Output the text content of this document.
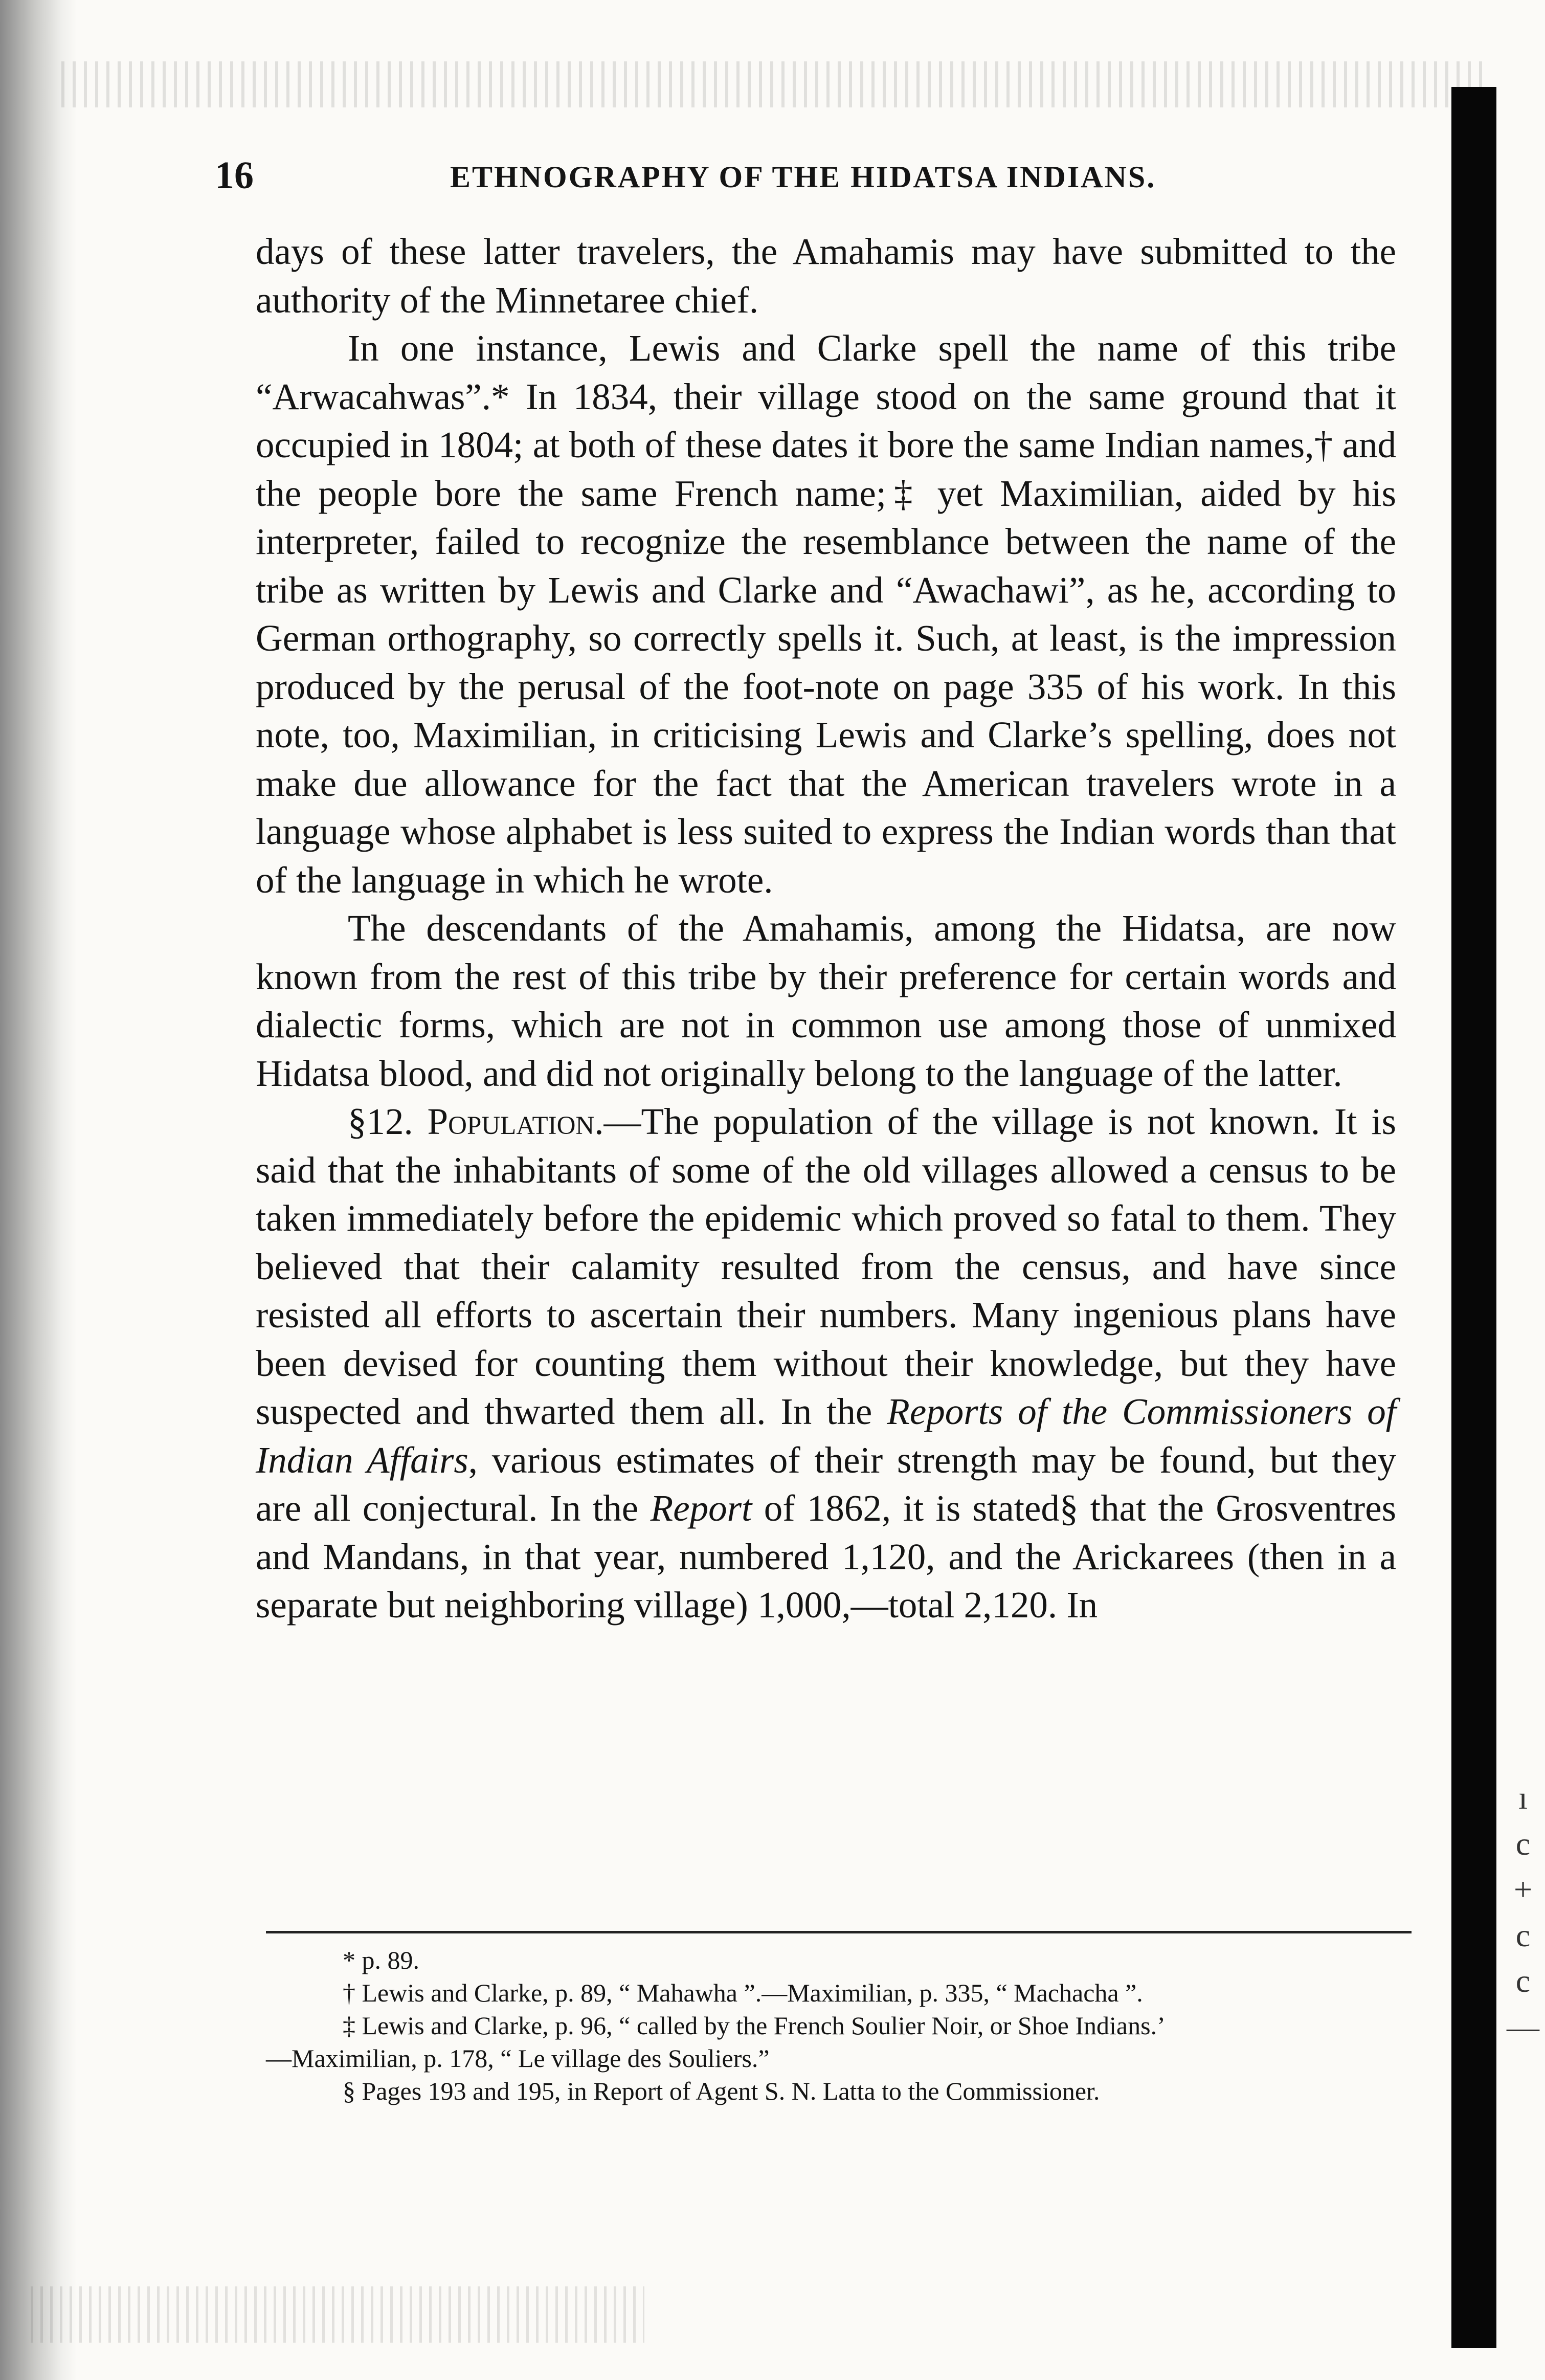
ı
c
+
c
c
—
16	ETHNOGRAPHY OF THE HIDATSA INDIANS.

days of these latter travelers, the Amahamis may have submitted to the authority of the Minnetaree chief.

In one instance, Lewis and Clarke spell the name of this tribe “Arwacahwas”.* In 1834, their village stood on the same ground that it occupied in 1804; at both of these dates it bore the same Indian names,† and the people bore the same French name;‡ yet Maximilian, aided by his interpreter, failed to recognize the resemblance between the name of the tribe as written by Lewis and Clarke and “Awachawi”, as he, according to German orthography, so correctly spells it. Such, at least, is the impression produced by the perusal of the foot-note on page 335 of his work. In this note, too, Maximilian, in criticising Lewis and Clarke’s spelling, does not make due allowance for the fact that the American travelers wrote in a language whose alphabet is less suited to express the Indian words than that of the language in which he wrote.

The descendants of the Amahamis, among the Hidatsa, are now known from the rest of this tribe by their preference for certain words and dialectic forms, which are not in common use among those of unmixed Hidatsa blood, and did not originally belong to the language of the latter.

§12. Population.—The population of the village is not known. It is said that the inhabitants of some of the old villages allowed a census to be taken immediately before the epidemic which proved so fatal to them. They believed that their calamity resulted from the census, and have since resisted all efforts to ascertain their numbers. Many ingenious plans have been devised for counting them without their knowledge, but they have suspected and thwarted them all. In the Reports of the Commissioners of Indian Affairs, various estimates of their strength may be found, but they are all conjectural. In the Report of 1862, it is stated§ that the Grosventres and Mandans, in that year, numbered 1,120, and the Arickarees (then in a separate but neighboring village) 1,000,—total 2,120. In

* p. 89.

† Lewis and Clarke, p. 89, “ Mahawha ”.—Maximilian, p. 335, “ Machacha ”.

‡ Lewis and Clarke, p. 96, “ called by the French Soulier Noir, or Shoe Indians.’

—Maximilian, p. 178, “ Le village des Souliers.”

§ Pages 193 and 195, in Report of Agent S. N. Latta to the Commissioner.
